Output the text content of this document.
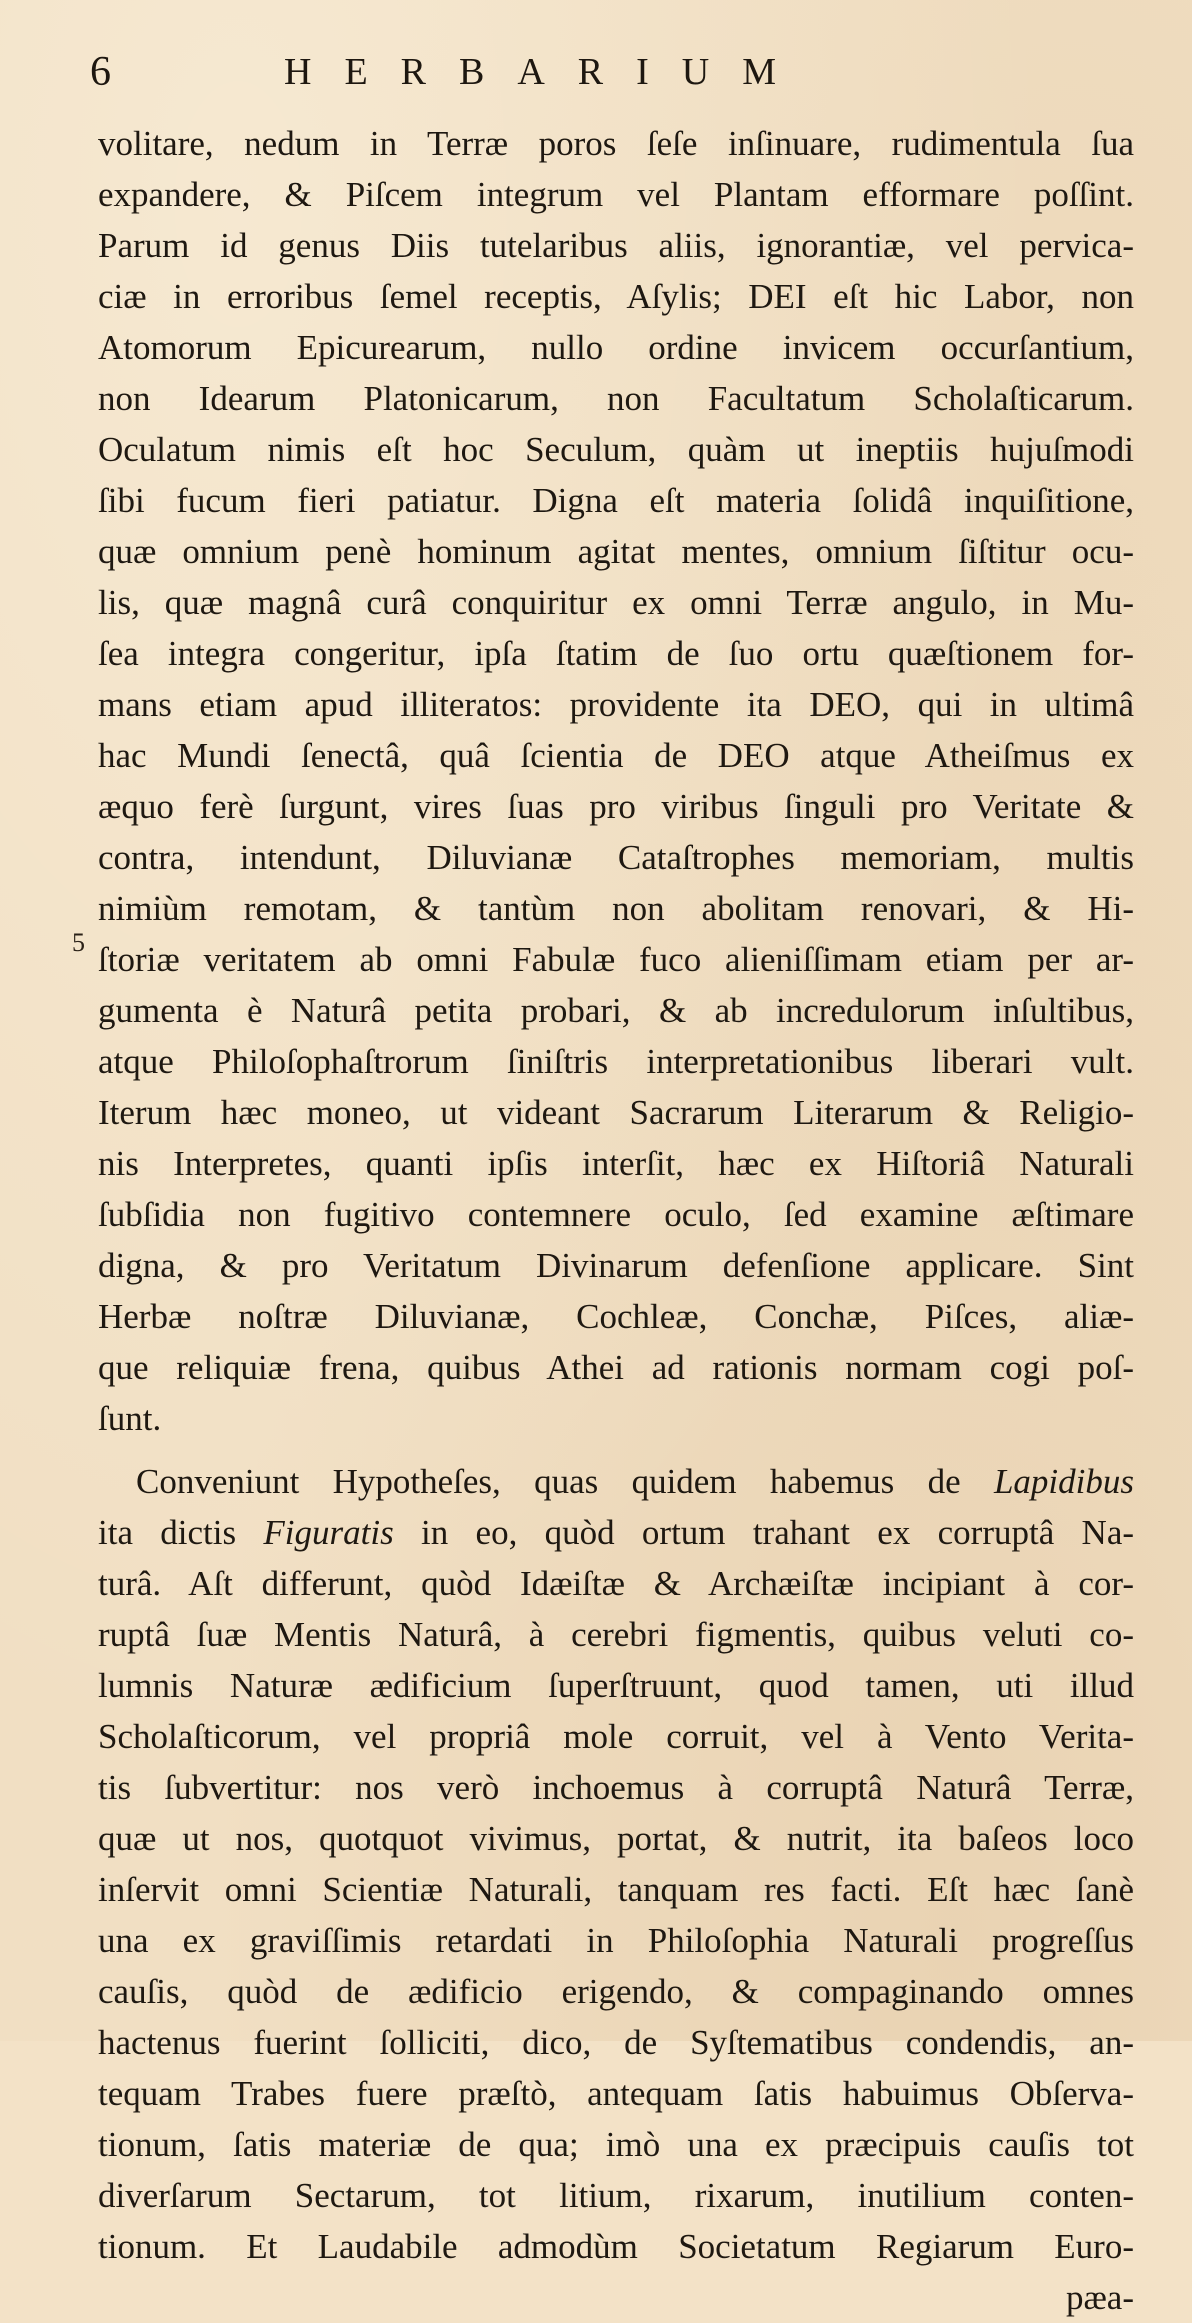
6	HERBARIUM
5
volitare, nedum in Terræ poros ſeſe inſinuare, rudimentula ſua
expandere, & Piſcem integrum vel Plantam efformare poſſint.
Parum id genus Diis tutelaribus aliis, ignorantiæ, vel pervica-
ciæ in erroribus ſemel receptis, Aſylis; DEI eſt hic Labor, non
Atomorum Epicurearum, nullo ordine invicem occurſantium,
non Idearum Platonicarum, non Facultatum Scholaſticarum.
Oculatum nimis eſt hoc Seculum, quàm ut ineptiis hujuſmodi
ſibi fucum fieri patiatur. Digna eſt materia ſolidâ inquiſitione,
quæ omnium penè hominum agitat mentes, omnium ſiſtitur ocu-
lis, quæ magnâ curâ conquiritur ex omni Terræ angulo, in Mu-
ſea integra congeritur, ipſa ſtatim de ſuo ortu quæſtionem for-
mans etiam apud illiteratos: providente ita DEO, qui in ultimâ
hac Mundi ſenectâ, quâ ſcientia de DEO atque Atheiſmus ex
æquo ferè ſurgunt, vires ſuas pro viribus ſinguli pro Veritate &
contra, intendunt, Diluvianæ Cataſtrophes memoriam, multis
nimiùm remotam, & tantùm non abolitam renovari, & Hi-
ſtoriæ veritatem ab omni Fabulæ fuco alieniſſimam etiam per ar-
gumenta è Naturâ petita probari, & ab incredulorum inſultibus,
atque Philoſophaſtrorum ſiniſtris interpretationibus liberari vult.
Iterum hæc moneo, ut videant Sacrarum Literarum & Religio-
nis Interpretes, quanti ipſis interſit, hæc ex Hiſtoriâ Naturali
ſubſidia non fugitivo contemnere oculo, ſed examine æſtimare
digna, & pro Veritatum Divinarum defenſione applicare. Sint
Herbæ noſtræ Diluvianæ, Cochleæ, Conchæ, Piſces, aliæ-
que reliquiæ frena, quibus Athei ad rationis normam cogi poſ-
ſunt.
Conveniunt Hypotheſes, quas quidem habemus de Lapidibus
ita dictis Figuratis in eo, quòd ortum trahant ex corruptâ Na-
turâ. Aſt differunt, quòd Idæiſtæ & Archæiſtæ incipiant à cor-
ruptâ ſuæ Mentis Naturâ, à cerebri figmentis, quibus veluti co-
lumnis Naturæ ædificium ſuperſtruunt, quod tamen, uti illud
Scholaſticorum, vel propriâ mole corruit, vel à Vento Verita-
tis ſubvertitur: nos verò inchoemus à corruptâ Naturâ Terræ,
quæ ut nos, quotquot vivimus, portat, & nutrit, ita baſeos loco
inſervit omni Scientiæ Naturali, tanquam res facti. Eſt hæc ſanè
una ex graviſſimis retardati in Philoſophia Naturali progreſſus
cauſis, quòd de ædificio erigendo, & compaginando omnes
hactenus fuerint ſolliciti, dico, de Syſtematibus condendis, an-
tequam Trabes fuere præſtò, antequam ſatis habuimus Obſerva-
tionum, ſatis materiæ de qua; imò una ex præcipuis cauſis tot
diverſarum Sectarum, tot litium, rixarum, inutilium conten-
tionum. Et Laudabile admodùm Societatum Regiarum Euro-
pæa-
